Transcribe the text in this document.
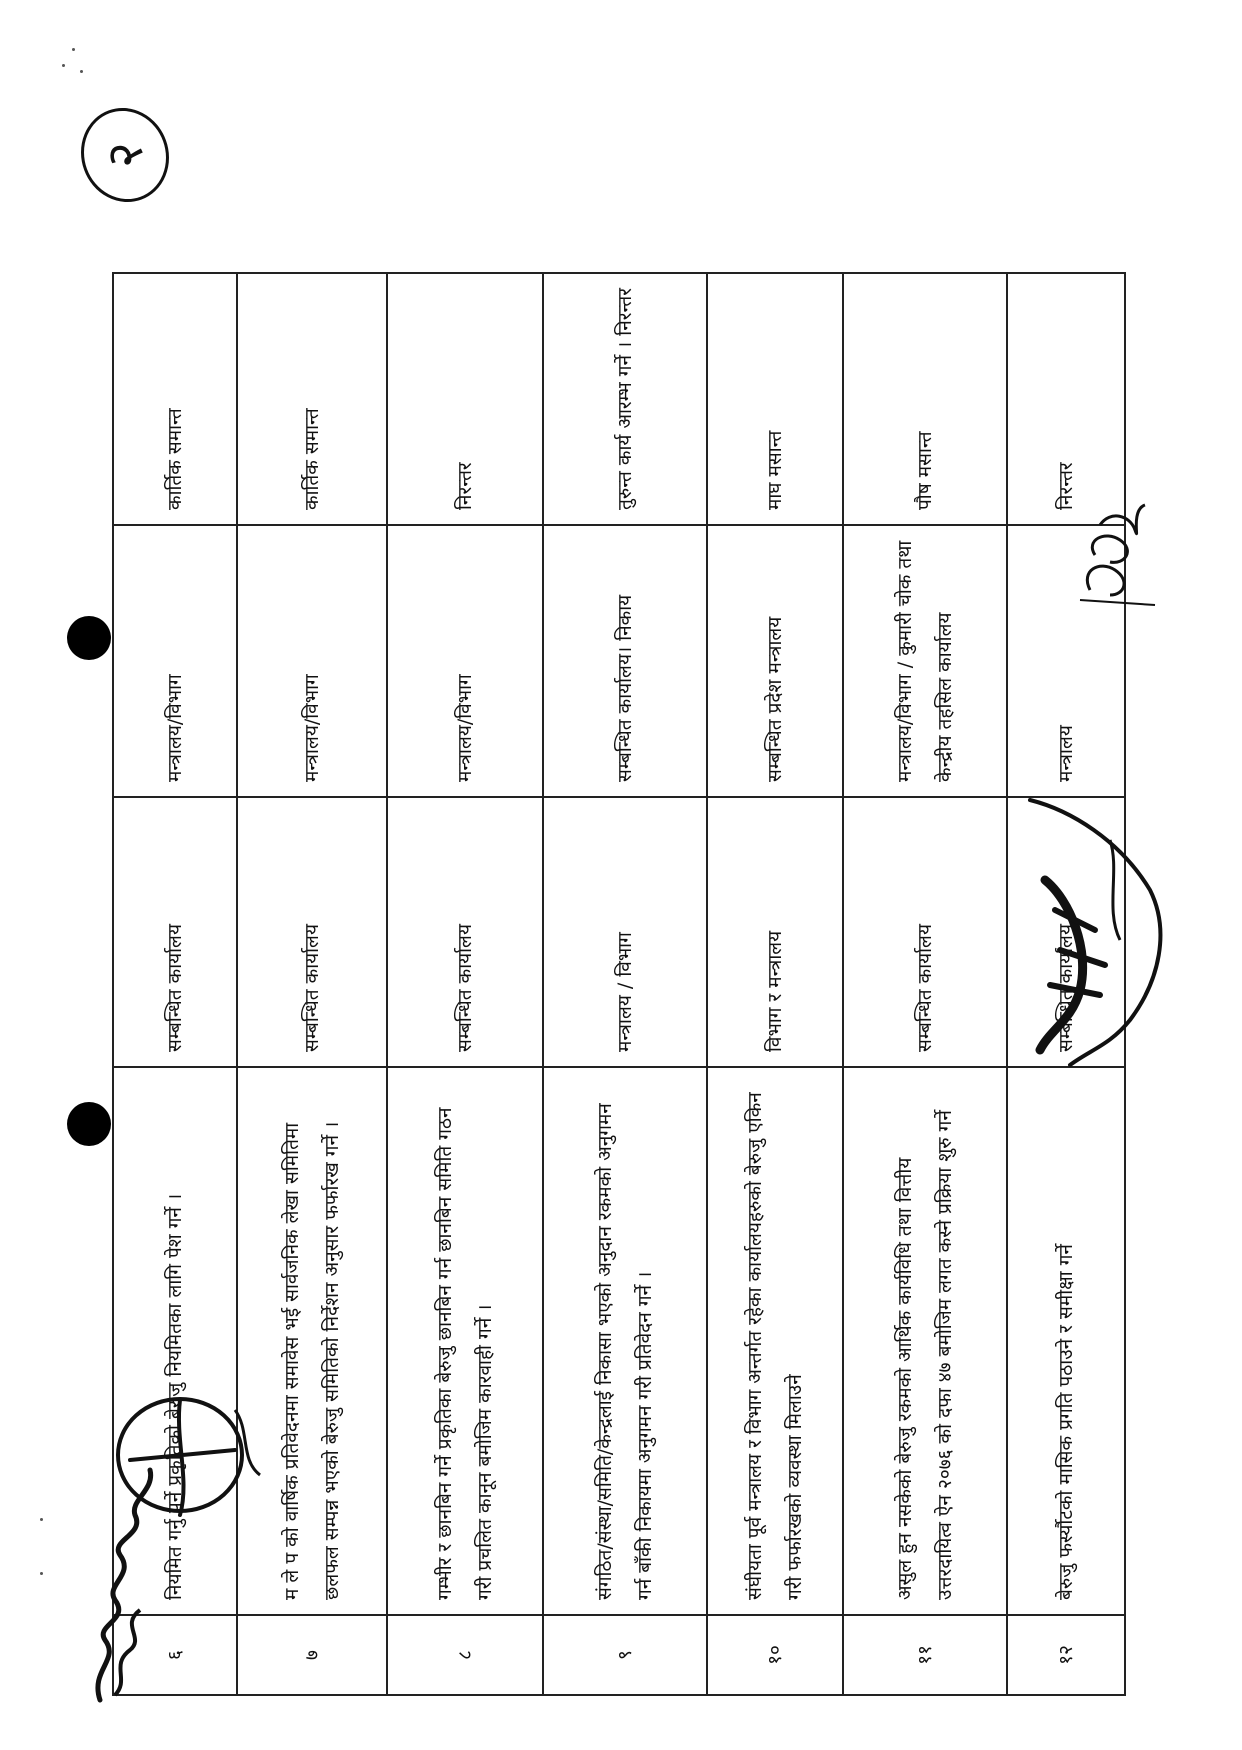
२
६	नियमित गर्नु पर्ने प्रकृतिको बेरुजु नियमितका लागि पेश गर्ने ।	सम्बन्धित कार्यालय	मन्त्रालय/विभाग	कार्तिक समान्त
७	म ले प को वार्षिक प्रतिवेदनमा समावेस भई सार्वजनिक लेखा समितिमा छलफल सम्पन्न भएको बेरुजु समितिको निर्देशन अनुसार फर्फारख गर्ने ।	सम्बन्धित कार्यालय	मन्त्रालय/विभाग	कार्तिक समान्त
८	गम्भीर र छानबिन गर्ने प्रकृतिका बेरुजु छानबिन गर्न छानबिन समिति गठन गरी प्रचलित कानून बमोजिम कारवाही गर्ने ।	सम्बन्धित कार्यालय	मन्त्रालय/विभाग	निरन्तर
९	संगठित/संस्था/समिति/केन्द्रलाई निकासा भएको अनुदान रकमको अनुगमन गर्न बाँकी निकायमा अनुगमन गरी प्रतिवेदन गर्ने ।	मन्त्रालय / विभाग	सम्बन्धित कार्यालय। निकाय	तुरुन्त कार्य आरम्भ गर्ने । निरन्तर
१०	संघीयता पूर्व मन्त्रालय र विभाग अन्तर्गत रहेका कार्यालयहरुको बेरुजु एकिन गरी फर्फारखको व्यवस्था मिलाउने	विभाग र मन्त्रालय	सम्बन्धित प्रदेश मन्त्रालय	माघ मसान्त
११	असुल हुन नसकेको बेरुजु रकमको आर्थिक कार्यविधि तथा वित्तीय उत्तरदायित्व ऐन २०७६ को दफा ४७ बमोजिम लगत कस्ने प्रक्रिया शुरु गर्ने	सम्बन्धित कार्यालय	मन्त्रालय/विभाग / कुमारी चोक तथा केन्द्रीय तहसिल कार्यालय	पौष मसान्त
१२	बेरुजु फर्स्यौटको मासिक प्रगति पठाउने र समीक्षा गर्ने	सम्बन्धित कार्यालय	मन्त्रालय	निरन्तर
